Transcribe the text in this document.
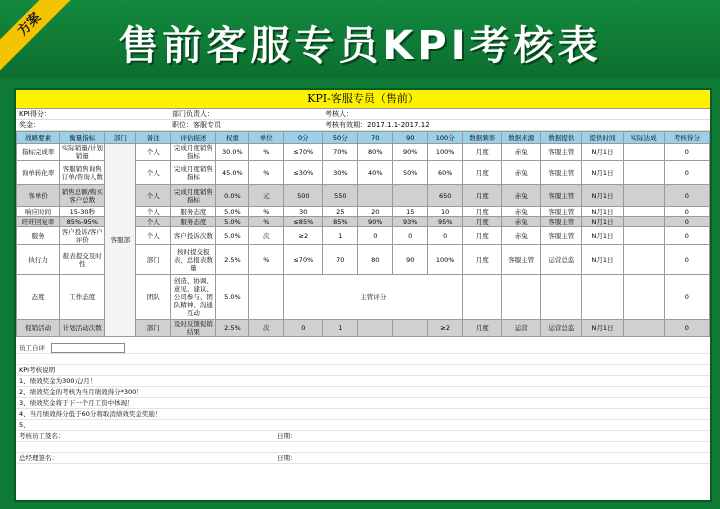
方案	售前客服专员KPI考核表
KPI-客服专员（售前）
KPI得分：	部门负责人：	考核人：
奖金：	职位：客服专员	考核有效期：2017.1.1-2017.12
战略要素	衡量指标	部门	备注	评估描述	权重	单位	0分	50分	70	90	100分	数据频率	数据来源	数据提供	提供时间	实际达成	考核得分
指标完成率	实际销量/计划销量	客服部	个人	完成月度销售指标	30.0%	%	≤70%	70%	80%	90%	100%	月度	赤兔	客服主管	N月1日		0
询单转化率	客服销售询售订单/咨询人数		个人	完成月度销售指标	45.0%	%	≤30%	30%	40%	50%	60%	月度	赤兔	客服主管	N月1日		0
客单价	销售总额/购买客户总数		个人	完成月度销售指标	0.0%	元	500	550			650	月度	赤兔	客服主管	N月1日		0
响应时间	15-30秒		个人	服务态度	5.0%	%	30	25	20	15	10	月度	赤兔	客服主管	N月1日		0
旺旺回复率	85%-95%		个人	服务态度	5.0%	%	≤85%	85%	90%	93%	95%	月度	赤兔	客服主管	N月1日		0
服务	客户投诉/客户评价		个人	客户投诉次数	5.0%	次	≥2	1	0	0	0	月度	赤兔	客服主管	N月1日		0
执行力	报表提交及时性		部门	按时提交报表，总报表数量	2.5%	%	≤70%	70	80	90	100%	月度	客服主管	运营总监	N月1日		0
态度	工作态度		团队	创造、协调、意见、建议、公司参与、团队精神、沟通互动	5.0%		主管评分										0
促销活动	计划活动次数		部门	及时反馈促销结果	2.5%	次	0	1			≥2	月度	运营	运营总监	N月1日		0
员工自评
KPI考核说明
1、绩效奖金为300元/月！
2、绩效奖金的考核为当月绩效得分*300！
3、绩效奖金将于下一个月工资中体现！
4、当月绩效得分低于60分将取消绩效奖金奖励！
5、
考核员工签名：	日期：
总经理签名：	日期：
